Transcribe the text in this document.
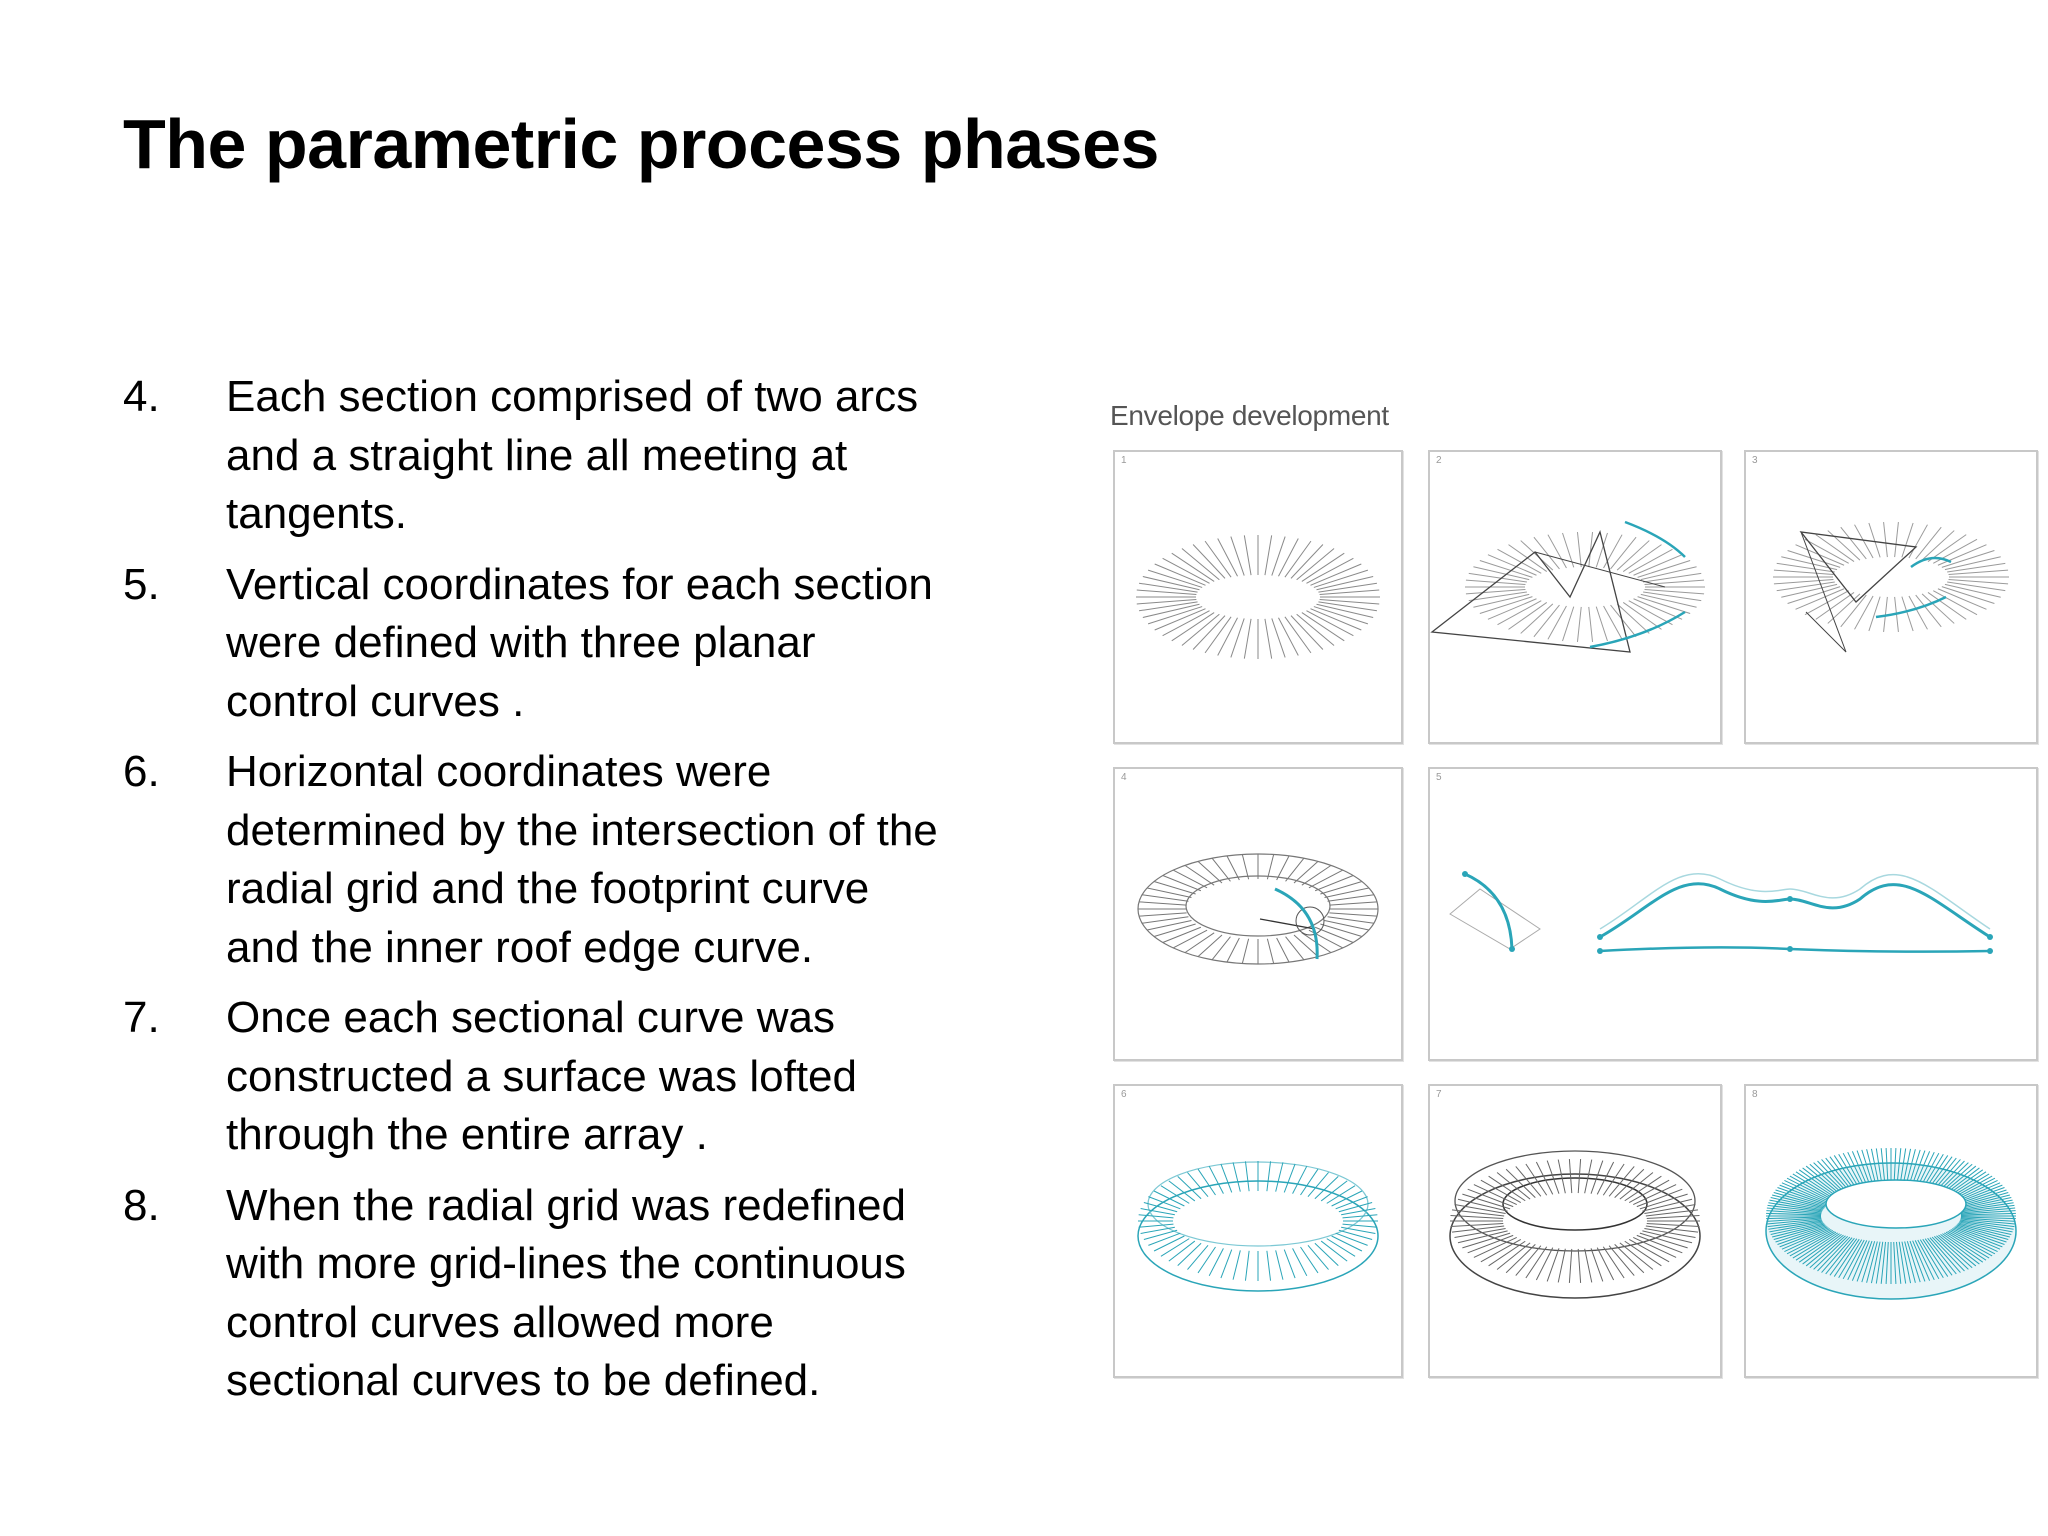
The parametric process phases
4.	Each section comprised of two arcs
and a straight line all meeting at
tangents.
5.	Vertical coordinates for each section
were defined with three planar
control curves .
6.	Horizontal coordinates were
determined by the intersection of the
radial grid and the footprint curve
and the inner roof edge curve.
7.	Once each sectional curve was
constructed a surface was lofted
through the entire array .
8.	When the radial grid was redefined
with more grid-lines the continuous
control curves allowed more
sectional curves to be defined.
Envelope development
1	2	3
4	5
6	7	8
